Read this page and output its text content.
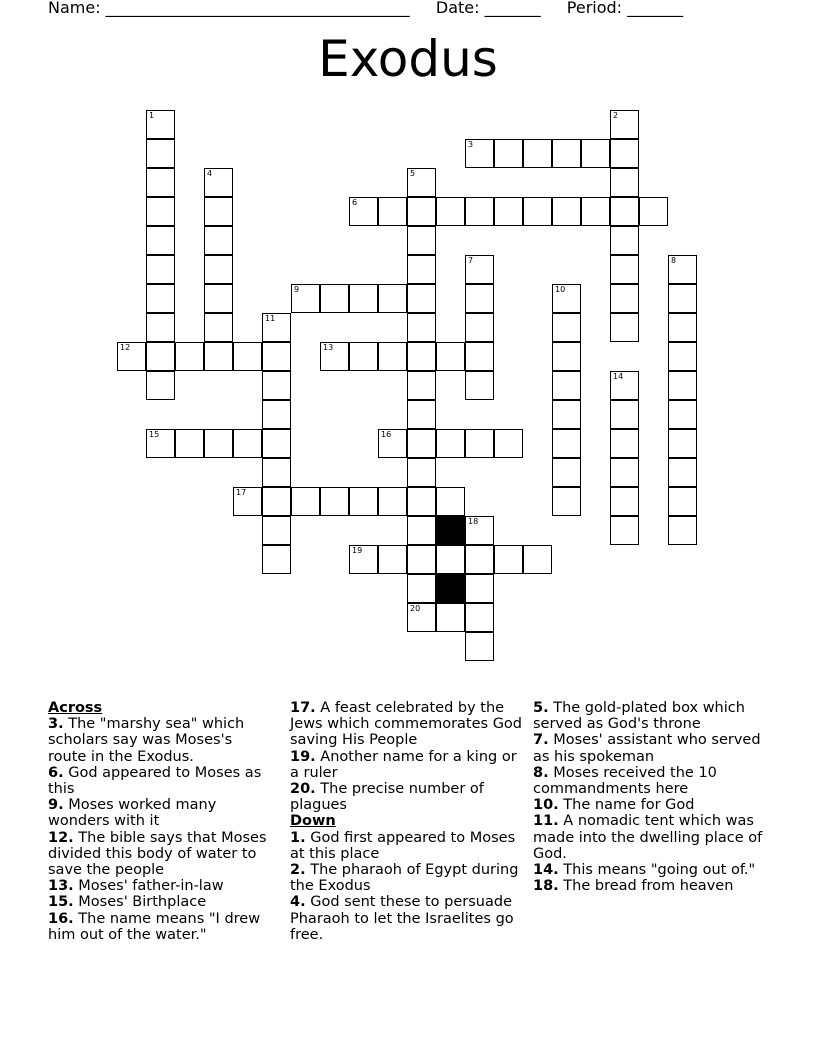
Name: ______________________________________ Date: _______ Period: _______
Exodus
1	2
3
4	5
20
6
7	8
9	10
11
12	13
14
15	16
17
18
19
Across
3. The "marshy sea" which scholars say was Moses's route in the Exodus.
6. God appeared to Moses as this
9. Moses worked many wonders with it
12. The bible says that Moses divided this body of water to save the people
13. Moses' father-in-law
15. Moses' Birthplace
16. The name means "I drew him out of the water."
17. A feast celebrated by the Jews which commemorates God saving His People
19. Another name for a king or a ruler
20. The precise number of plagues
Down
1. God first appeared to Moses at this place
2. The pharaoh of Egypt during the Exodus
4. God sent these to persuade Pharaoh to let the Israelites go free.
5. The gold-plated box which served as God's throne
7. Moses' assistant who served as his spokeman
8. Moses received the 10 commandments here
10. The name for God
11. A nomadic tent which was made into the dwelling place of God.
14. This means "going out of."
18. The bread from heaven
